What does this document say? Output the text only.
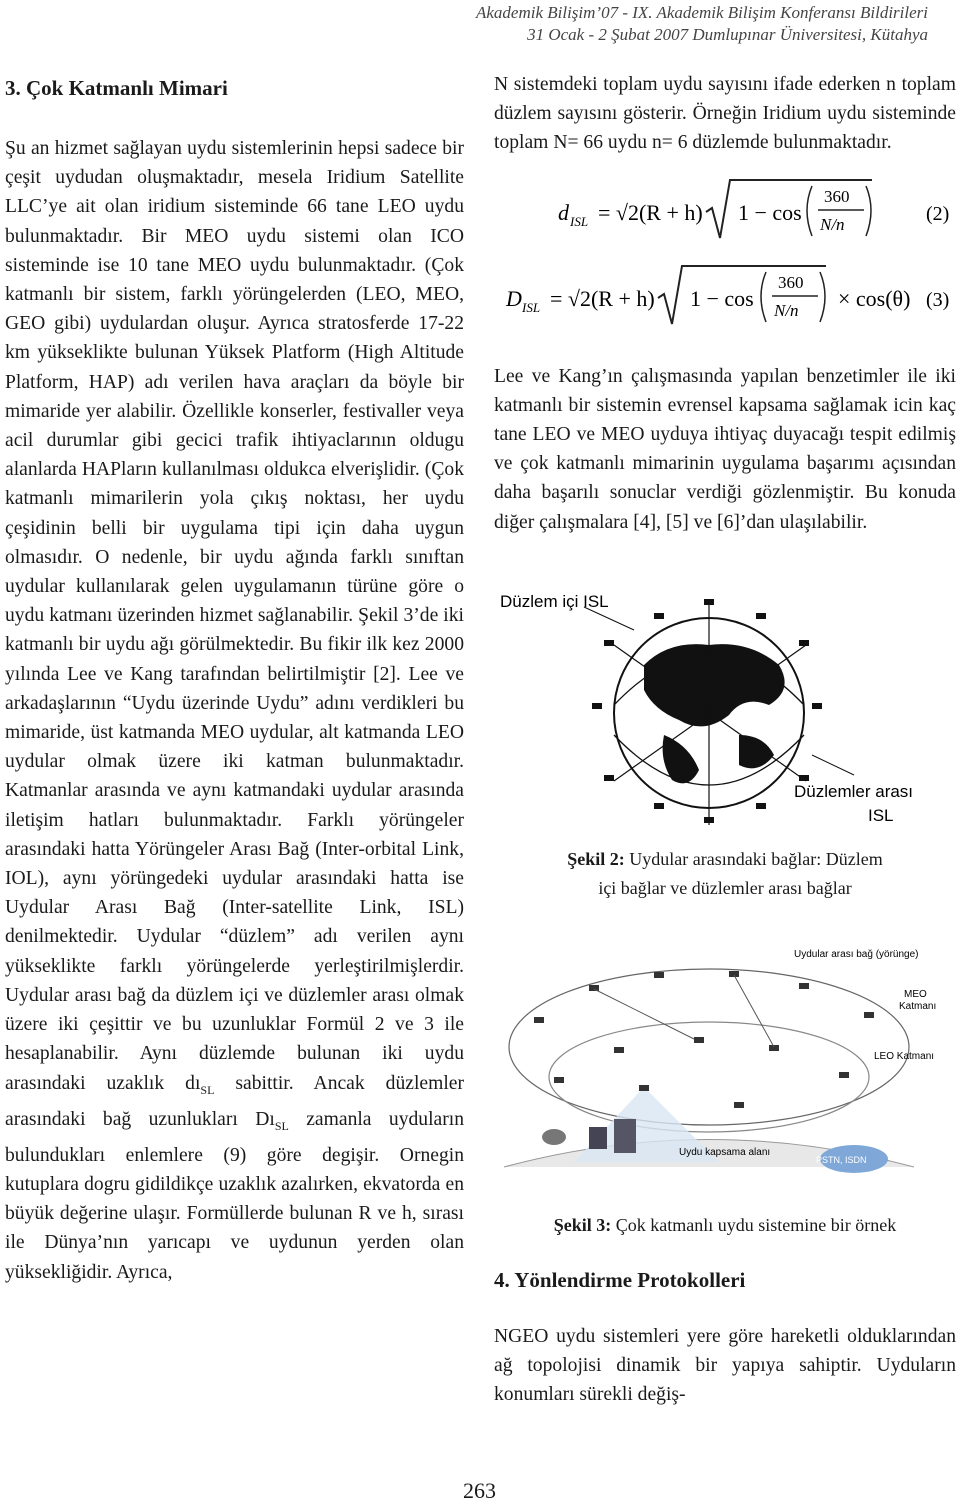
Akademik Bilişim’07 - IX. Akademik Bilişim Konferansı Bildirileri
31 Ocak - 2 Şubat 2007 Dumlupınar Üniversitesi, Kütahya
3. Çok Katmanlı Mimari

Şu an hizmet sağlayan uydu sistemlerinin hepsi sadece bir çeşit uydudan oluşmaktadır, mesela Iridium Satellite LLC’ye ait olan iridium sisteminde 66 tane LEO uydu bulunmaktadır. Bir MEO uydu sistemi olan ICO sisteminde ise 10 tane MEO uydu bulunmaktadır. (Çok katmanlı bir sistem, farklı yörüngelerden (LEO, MEO, GEO gibi) uydulardan oluşur. Ayrıca stratosferde 17-22 km yükseklikte bulunan Yüksek Platform (High Altitude Platform, HAP) adı verilen hava araçları da böyle bir mimaride yer alabilir. Özellikle konserler, festivaller veya acil durumlar gibi gecici trafik ihtiyaclarının oldugu alanlarda HAPların kullanılması oldukca elverişlidir. (Çok katmanlı mimarilerin yola çıkış noktası, her uydu çeşidinin belli bir uygulama tipi için daha uygun olmasıdır. O nedenle, bir uydu ağında farklı sınıftan uydular kullanılarak gelen uygulamanın türüne göre o uydu katmanı üzerinden hizmet sağlanabilir. Şekil 3’de iki katmanlı bir uydu ağı görülmektedir. Bu fikir ilk kez 2000 yılında Lee ve Kang tarafından belirtilmiştir [2]. Lee ve arkadaşlarının “Uydu üzerinde Uydu” adını verdikleri bu mimaride, üst katmanda MEO uydular, alt katmanda LEO uydular olmak üzere iki katman bulunmaktadır. Katmanlar arasında ve aynı katmandaki uydular arasında iletişim hatları bulunmaktadır. Farklı yörüngeler arasındaki hatta Yörüngeler Arası Bağ (Inter-orbital Link, IOL), aynı yörüngedeki uydular arasındaki hatta ise Uydular Arası Bağ (Inter-satellite Link, ISL) denilmektedir. Uydular “düzlem” adı verilen aynı yükseklikte farklı yörüngelerde yerleştirilmişlerdir. Uydular arası bağ da düzlem içi ve düzlemler arası olmak üzere iki çeşittir ve bu uzunluklar Formül 2 ve 3 ile hesaplanabilir. Aynı düzlemde bulunan iki uydu arasındaki uzaklık $dı_{SL}$ sabittir. Ancak düzlemler arasındaki bağ uzunlukları $Dı_{SL}$ zamanla uyduların bulundukları enlemlere (9) göre degişir. Ornegin kutuplara dogru gidildikçe uzaklık azalırken, ekvatorda en büyük değerine ulaşır. Formüllerde bulunan R ve h, sırası ile Dünya’nın yarıcapı ve uydunun yerden olan yüksekliğidir. Ayrıca,

N sistemdeki toplam uydu sayısını ifade ederken n toplam düzlem sayısını gösterir. Örneğin Iridium uydu sisteminde toplam N= 66 uydu n= 6 düzlemde bulunmaktadır.

d ISL = √2(R + h) 1 − cos
360
N/n	(2)
D ISL = √2(R + h) 1 − cos
360
N/n × cos(θ) (3)

Lee ve Kang’ın çalışmasında yapılan benzetimler ile iki katmanlı bir sistemin evrensel kapsama sağlamak icin kaç tane LEO ve MEO uyduya ihtiyaç duyacağı tespit edilmiş ve çok katmanlı mimarinin uygulama başarımı açısından daha başarılı sonuclar verdiği gözlenmiştir. Bu konuda diğer çalışmalara [4], [5] ve [6]’dan ulaşılabilir.

Düzlem içi ISL
Düzlemler arası
ISL
Şekil 2: Uydular arasındaki bağlar: Düzlem
içi bağlar ve düzlemler arası bağlar
PSTN, ISDN
Uydular arası bağ (yörünge)
MEO
Katmanı
LEO Katmanı
Uydu kapsama alanı
Şekil 3: Çok katmanlı uydu sistemine bir örnek
4. Yönlendirme Protokolleri

NGEO uydu sistemleri yere göre hareketli olduklarından ağ topolojisi dinamik bir yapıya sahiptir. Uyduların konumları sürekli değiş-

263
